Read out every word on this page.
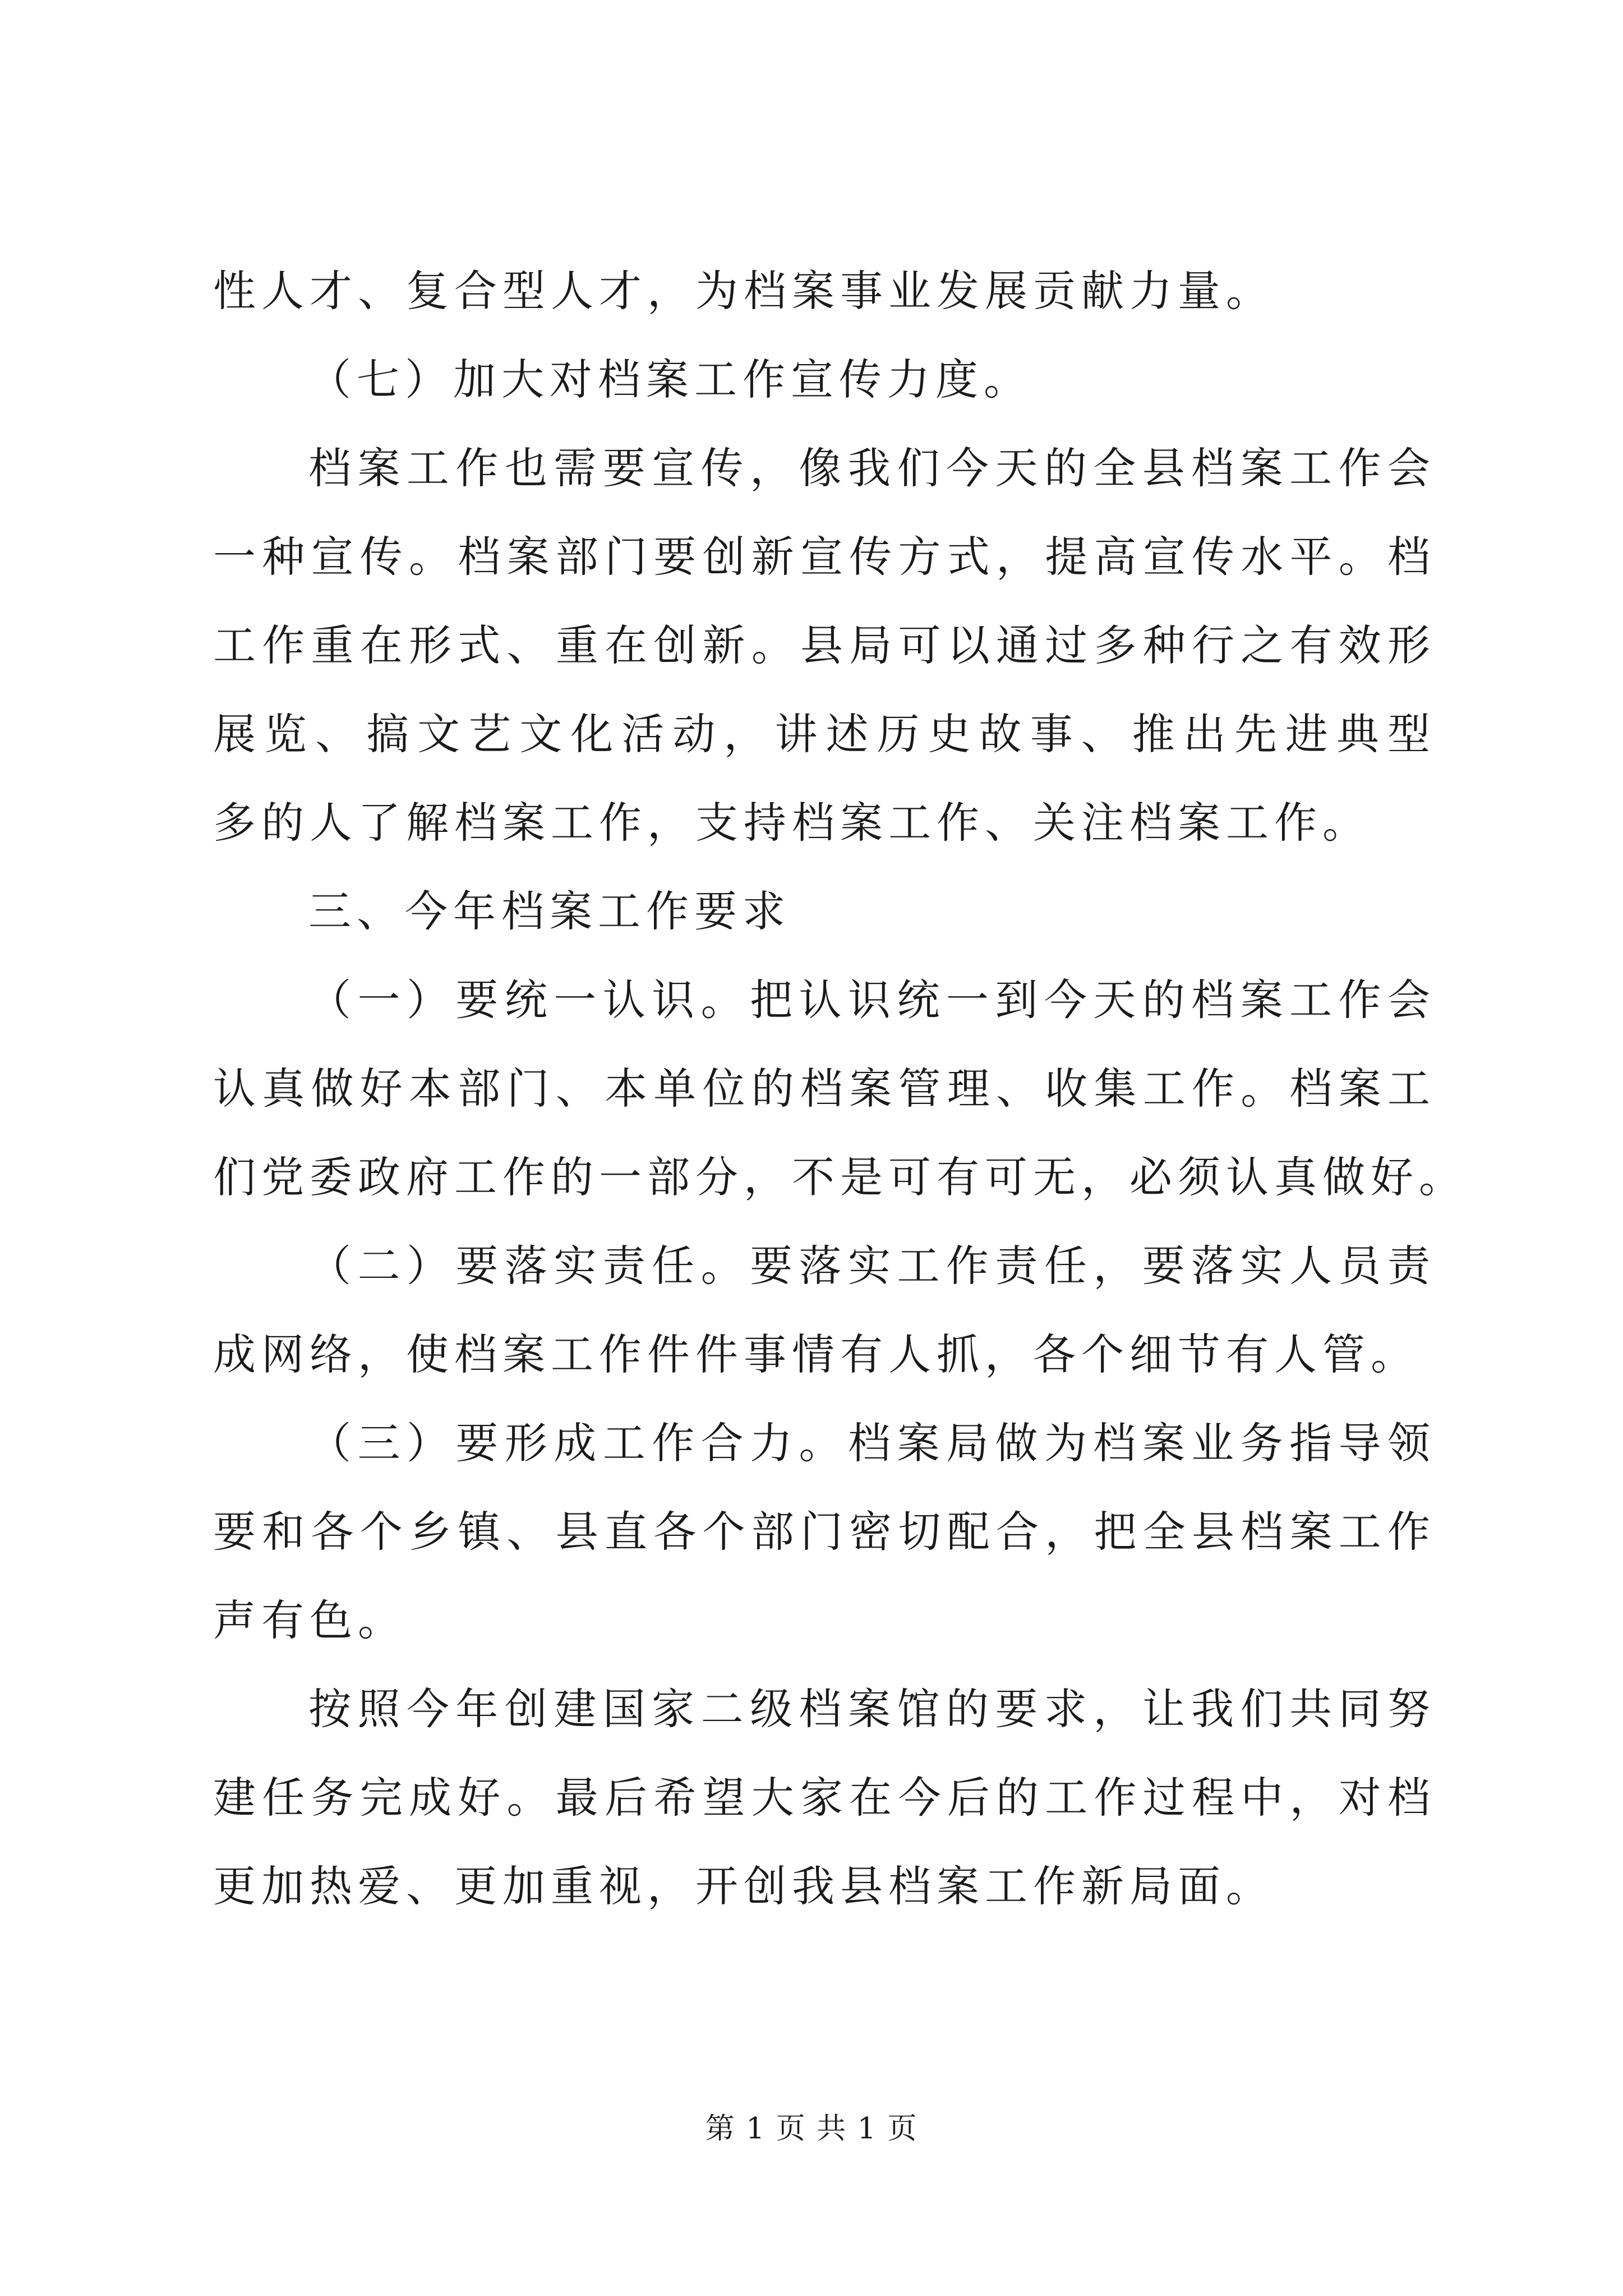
性人才、复合型人才，为档案事业发展贡献力量。
（七）加大对档案工作宣传力度。
档案工作也需要宣传，像我们今天的全县档案工作会
一种宣传。档案部门要创新宣传方式，提高宣传水平。档
工作重在形式、重在创新。县局可以通过多种行之有效形
展览、搞文艺文化活动，讲述历史故事、推出先进典型
多的人了解档案工作，支持档案工作、关注档案工作。
三、今年档案工作要求
（一）要统一认识。把认识统一到今天的档案工作会
认真做好本部门、本单位的档案管理、收集工作。档案工
们党委政府工作的一部分，不是可有可无，必须认真做好。
（二）要落实责任。要落实工作责任，要落实人员责
成网络，使档案工作件件事情有人抓，各个细节有人管。
（三）要形成工作合力。档案局做为档案业务指导领
要和各个乡镇、县直各个部门密切配合，把全县档案工作
声有色。
按照今年创建国家二级档案馆的要求，让我们共同努
建任务完成好。最后希望大家在今后的工作过程中，对档
更加热爱、更加重视，开创我县档案工作新局面。
第 1 页 共 1 页
